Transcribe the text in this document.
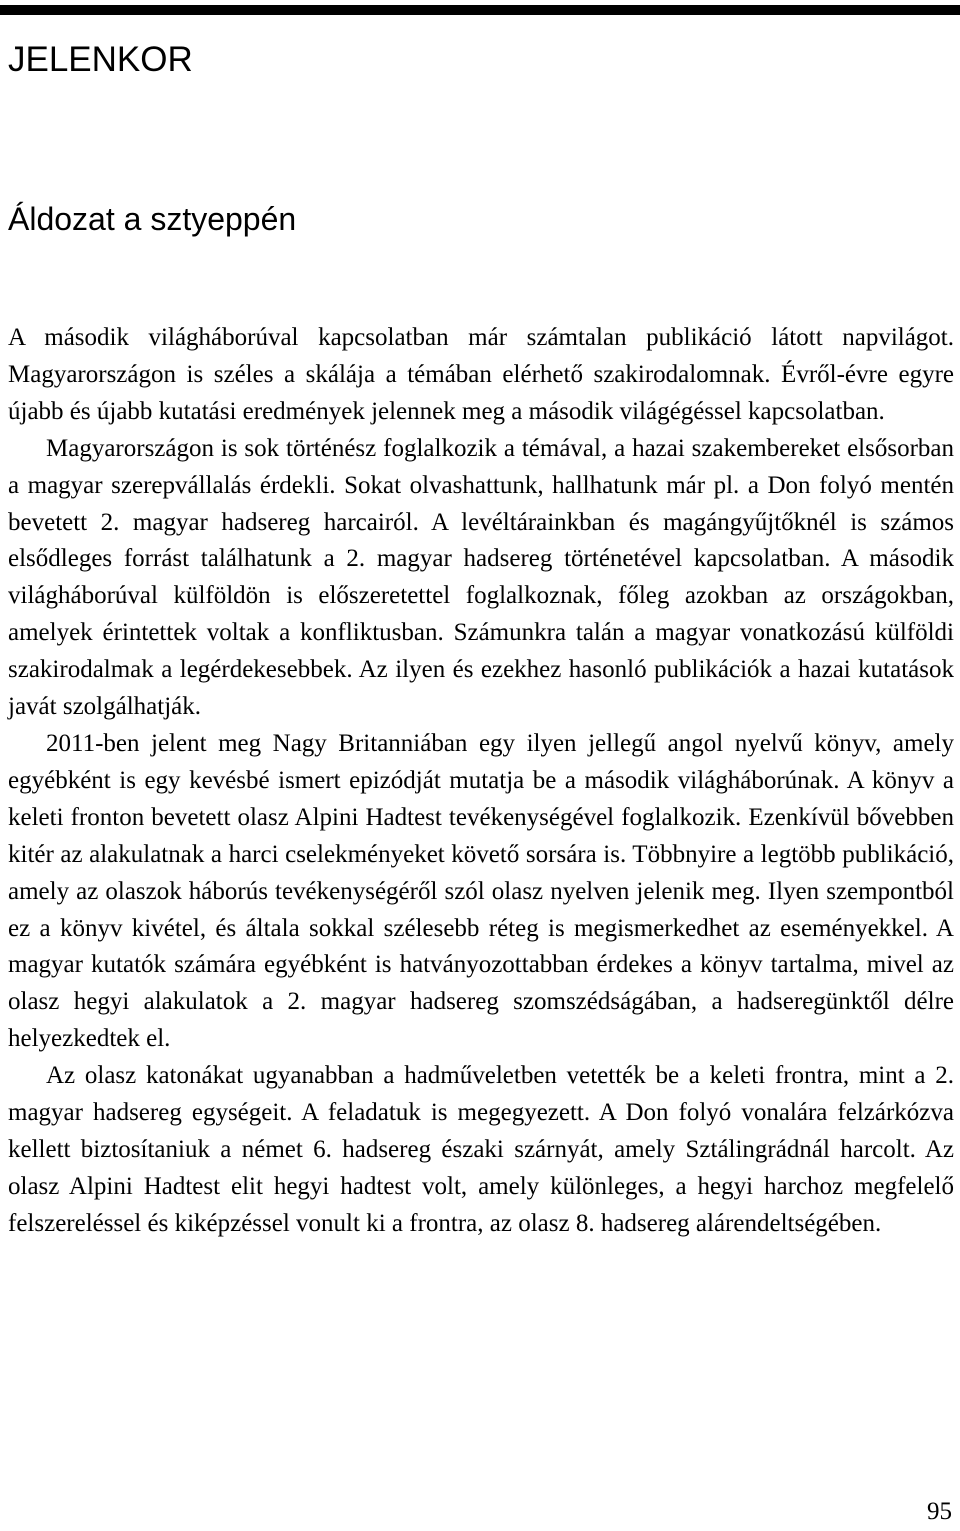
JELENKOR
Áldozat a sztyeppén

A második világháborúval kapcsolatban már számtalan publikáció látott napvilágot. Magyarországon is széles a skálája a témában elérhető szakirodalomnak. Évről-évre egyre újabb és újabb kutatási eredmények jelennek meg a második világégéssel kapcsolatban.

Magyarországon is sok történész foglalkozik a témával, a hazai szakembereket elsősorban a magyar szerepvállalás érdekli. Sokat olvashattunk, hallhatunk már pl. a Don folyó mentén bevetett 2. magyar hadsereg harcairól. A levéltárainkban és magángyűjtőknél is számos elsődleges forrást találhatunk a 2. magyar hadsereg történetével kapcsolatban. A második világháborúval külföldön is előszeretettel foglalkoznak, főleg azokban az országokban, amelyek érintettek voltak a konfliktusban. Számunkra talán a magyar vonatkozású külföldi szakirodalmak a legérdekesebbek. Az ilyen és ezekhez hasonló publikációk a hazai kutatások javát szolgálhatják.

2011-ben jelent meg Nagy Britanniában egy ilyen jellegű angol nyelvű könyv, amely egyébként is egy kevésbé ismert epizódját mutatja be a második világháborúnak. A könyv a keleti fronton bevetett olasz Alpini Hadtest tevékenységével foglalkozik. Ezenkívül bővebben kitér az alakulatnak a harci cselekményeket követő sorsára is. Többnyire a legtöbb publikáció, amely az olaszok háborús tevékenységéről szól olasz nyelven jelenik meg. Ilyen szempontból ez a könyv kivétel, és általa sokkal szélesebb réteg is megismerkedhet az eseményekkel. A magyar kutatók számára egyébként is hatványozottabban érdekes a könyv tartalma, mivel az olasz hegyi alakulatok a 2. magyar hadsereg szomszédságában, a hadseregünktől délre helyezkedtek el.

Az olasz katonákat ugyanabban a hadműveletben vetették be a keleti frontra, mint a 2. magyar hadsereg egységeit. A feladatuk is megegyezett. A Don folyó vonalára felzárkózva kellett biztosítaniuk a német 6. hadsereg északi szárnyát, amely Sztálingrádnál harcolt. Az olasz Alpini Hadtest elit hegyi hadtest volt, amely különleges, a hegyi harchoz megfelelő felszereléssel és kiképzéssel vonult ki a frontra, az olasz 8. hadsereg alárendeltségében.

95
